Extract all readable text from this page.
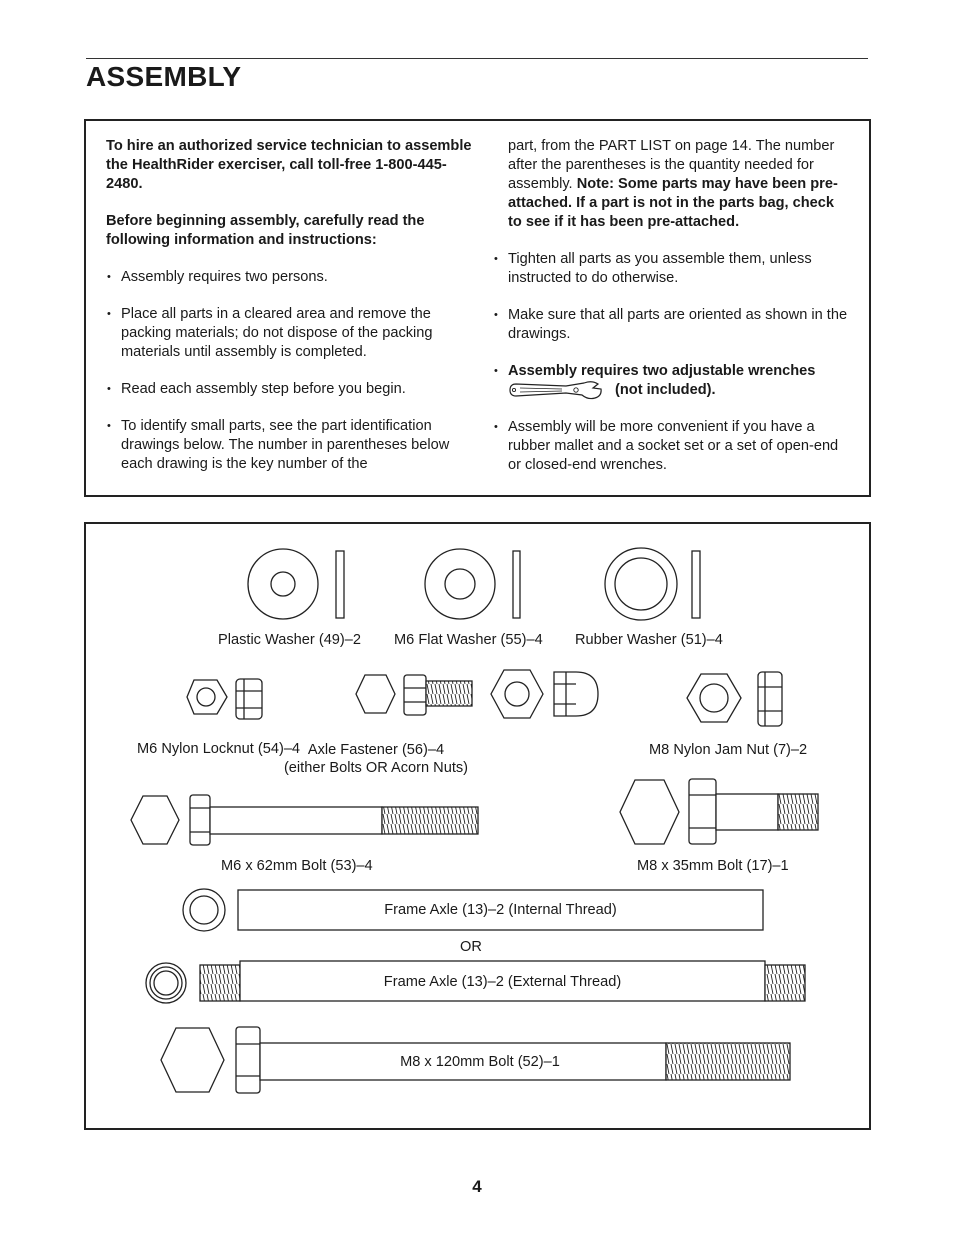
ASSEMBLY

To hire an authorized service technician to assemble the HealthRider exerciser, call toll-free 1-800-445-2480.

Before beginning assembly, carefully read the following information and instructions:

• Assembly requires two persons.

• Place all parts in a cleared area and remove the packing materials; do not dispose of the packing materials until assembly is completed.

• Read each assembly step before you begin.

• To identify small parts, see the part identification drawings below. The number in parentheses below each drawing is the key number of the

part, from the PART LIST on page 14. The number after the parentheses is the quantity needed for assembly. Note: Some parts may have been pre-attached. If a part is not in the parts bag, check to see if it has been pre-attached.

• Tighten all parts as you assemble them, unless instructed to do otherwise.

• Make sure that all parts are oriented as shown in the drawings.

• Assembly requires two adjustable wrenches

(not included).

• Assembly will be more convenient if you have a rubber mallet and a socket set or a set of open-end or closed-end wrenches.

Plastic Washer (49)–2 M6 Flat Washer (55)–4 Rubber Washer (51)–4
M6 Nylon Locknut (54)–4 Axle Fastener (56)–4
(either Bolts OR Acorn Nuts)
M8 Nylon Jam Nut (7)–2
M6 x 62mm Bolt (53)–4	M8 x 35mm Bolt (17)–1
Frame Axle (13)–2 (Internal Thread)
OR
Frame Axle (13)–2 (External Thread)
M8 x 120mm Bolt (52)–1
4
